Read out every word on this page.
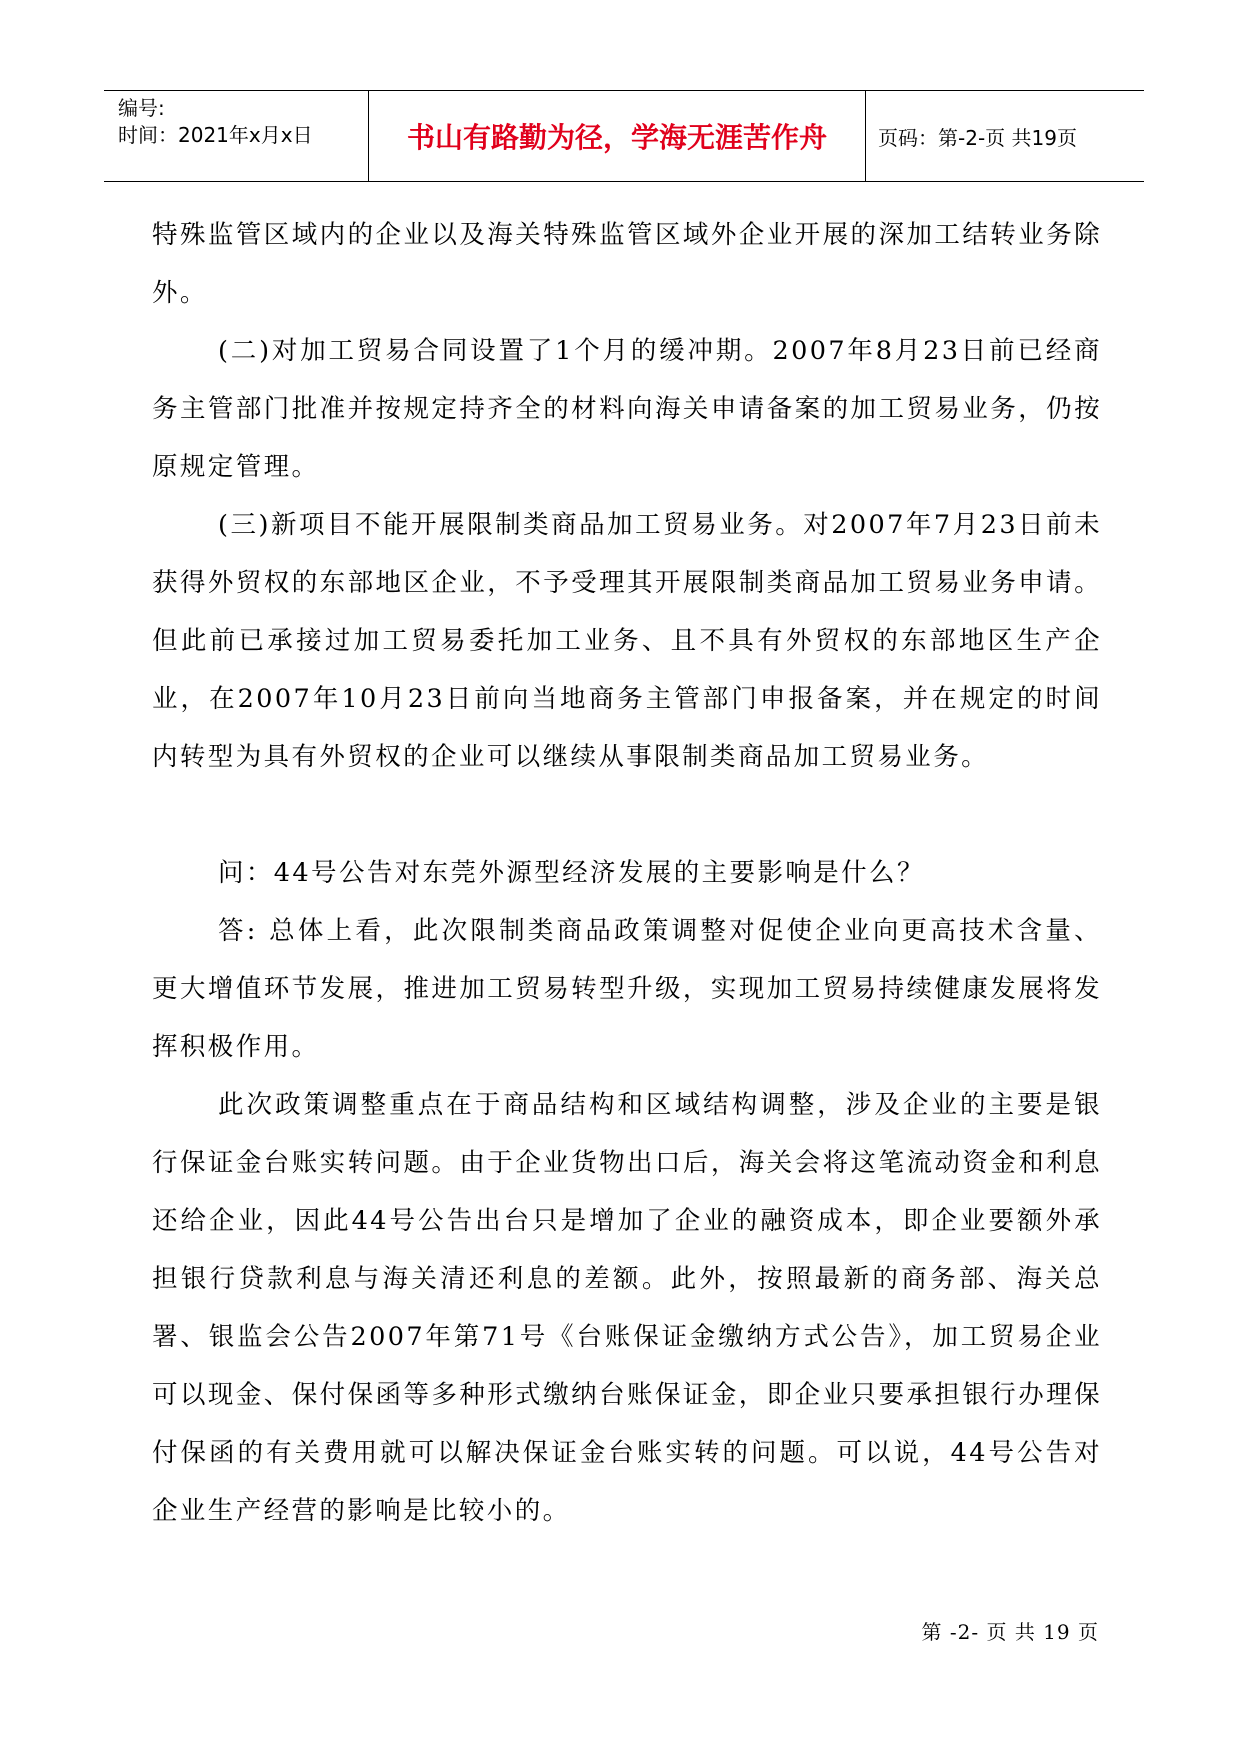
编号:
时间：2021年x月x日	书山有路勤为径，学海无涯苦作舟	页码：第-2-页 共19页

特殊监管区域内的企业以及海关特殊监管区域外企业开展的深加工结转业务除外。

(二)对加工贸易合同设置了1个月的缓冲期。2007年8月23日前已经商务主管部门批准并按规定持齐全的材料向海关申请备案的加工贸易业务，仍按原规定管理。

(三)新项目不能开展限制类商品加工贸易业务。对2007年7月23日前未获得外贸权的东部地区企业，不予受理其开展限制类商品加工贸易业务申请。但此前已承接过加工贸易委托加工业务、且不具有外贸权的东部地区生产企业，在2007年10月23日前向当地商务主管部门申报备案，并在规定的时间内转型为具有外贸权的企业可以继续从事限制类商品加工贸易业务。

问：44号公告对东莞外源型经济发展的主要影响是什么？

答: 总体上看，此次限制类商品政策调整对促使企业向更高技术含量、更大增值环节发展，推进加工贸易转型升级，实现加工贸易持续健康发展将发挥积极作用。

此次政策调整重点在于商品结构和区域结构调整，涉及企业的主要是银行保证金台账实转问题。由于企业货物出口后，海关会将这笔流动资金和利息还给企业，因此44号公告出台只是增加了企业的融资成本，即企业要额外承担银行贷款利息与海关清还利息的差额。此外，按照最新的商务部、海关总署、银监会公告2007年第71号《台账保证金缴纳方式公告》，加工贸易企业可以现金、保付保函等多种形式缴纳台账保证金，即企业只要承担银行办理保付保函的有关费用就可以解决保证金台账实转的问题。可以说，44号公告对企业生产经营的影响是比较小的。

第 -2- 页 共 19 页
